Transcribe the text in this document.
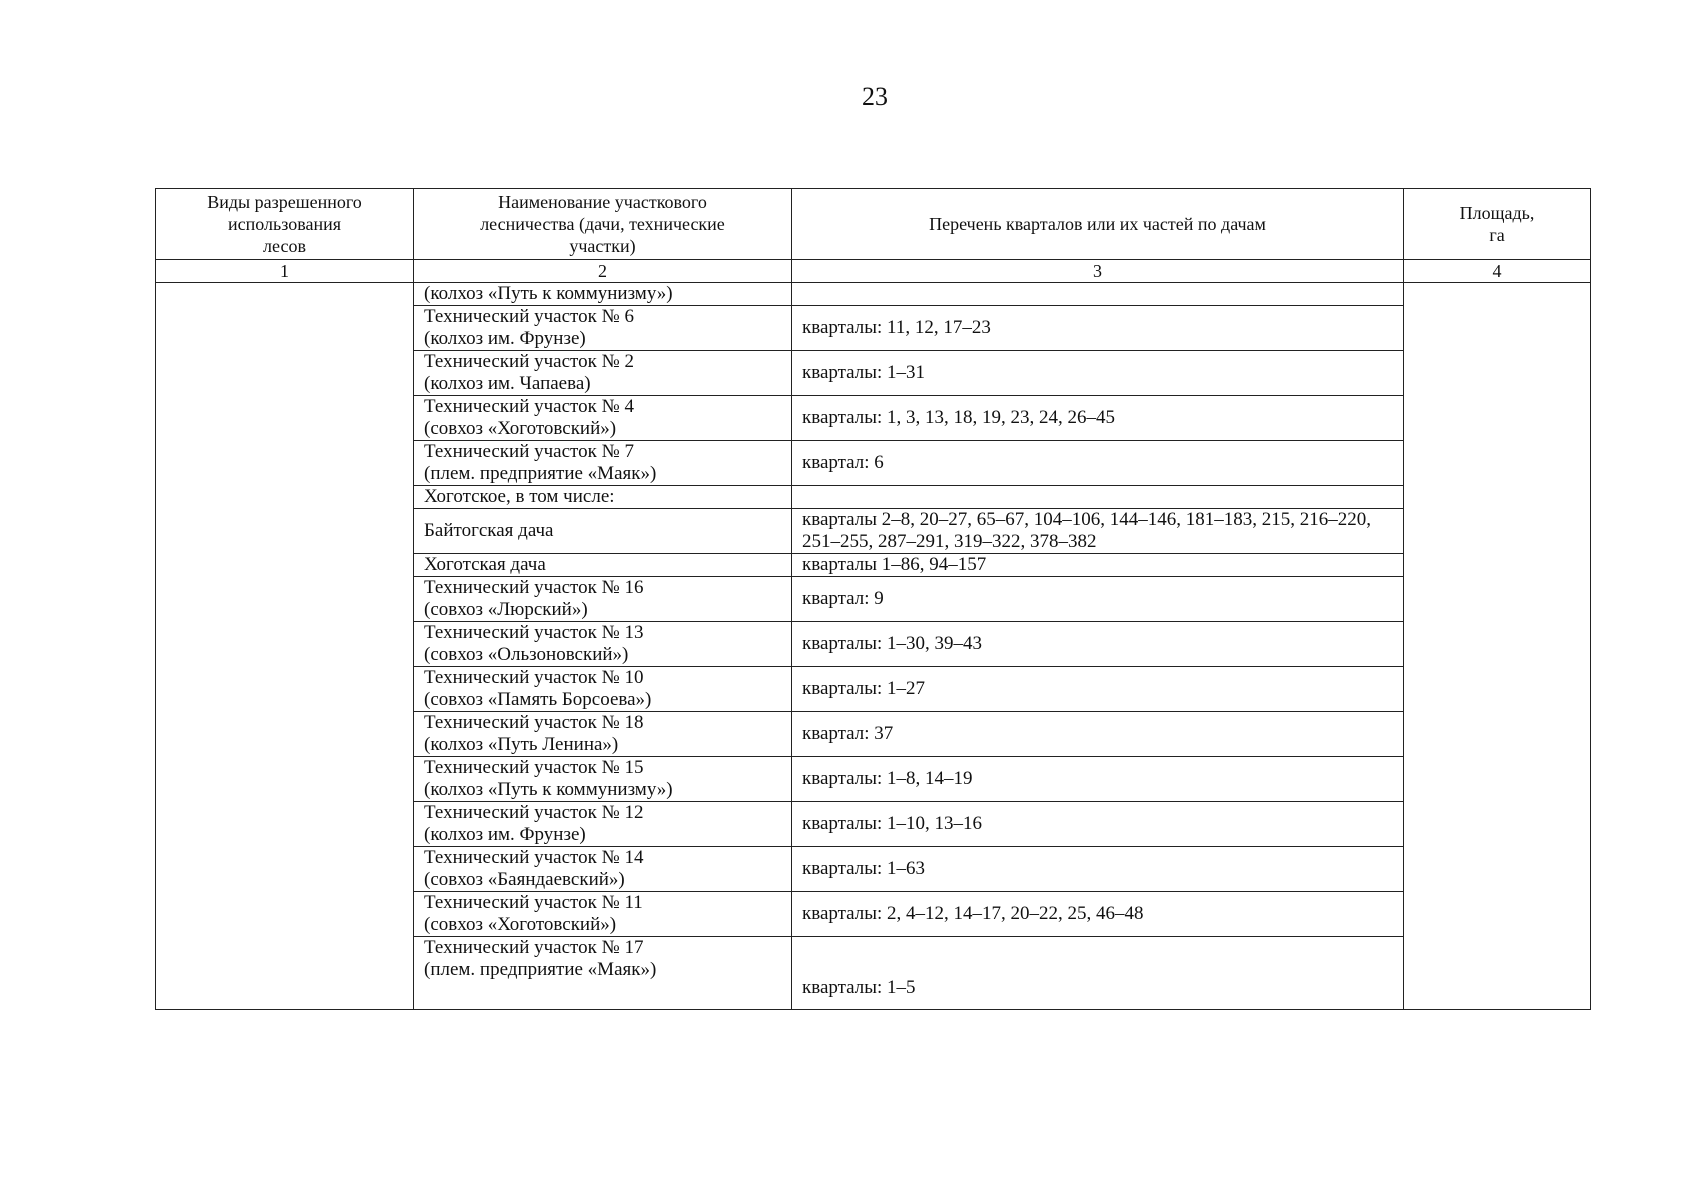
23
Виды разрешенного
использования
лесов	Наименование участкового
лесничества (дачи, технические
участки)	Перечень кварталов или их частей по дачам	Площадь,
га
1	2	3	4
	(колхоз «Путь к коммунизму»)		
	Технический участок № 6
(колхоз им. Фрунзе)	кварталы: 11, 12, 17–23	
	Технический участок № 2
(колхоз им. Чапаева)	кварталы: 1–31	
	Технический участок № 4
(совхоз «Хоготовский»)	кварталы: 1, 3, 13, 18, 19, 23, 24, 26–45	
	Технический участок № 7
(плем. предприятие «Маяк»)	квартал: 6	
	Хоготское, в том числе:		
	Байтогская дача	кварталы 2–8, 20–27, 65–67, 104–106, 144–146, 181–183, 215, 216–220, 251–255, 287–291, 319–322, 378–382	
	Хоготская дача	кварталы 1–86, 94–157	
	Технический участок № 16
(совхоз «Люрский»)	квартал: 9	
	Технический участок № 13
(совхоз «Ользоновский»)	кварталы: 1–30, 39–43	
	Технический участок № 10
(совхоз «Память Борсоева»)	кварталы: 1–27	
	Технический участок № 18
(колхоз «Путь Ленина»)	квартал: 37	
	Технический участок № 15
(колхоз «Путь к коммунизму»)	кварталы: 1–8, 14–19	
	Технический участок № 12
(колхоз им. Фрунзе)	кварталы: 1–10, 13–16	
	Технический участок № 14
(совхоз «Баяндаевский»)	кварталы: 1–63	
	Технический участок № 11
(совхоз «Хоготовский»)	кварталы: 2, 4–12, 14–17, 20–22, 25, 46–48	
	Технический участок № 17
(плем. предприятие «Маяк»)	кварталы: 1–5	
